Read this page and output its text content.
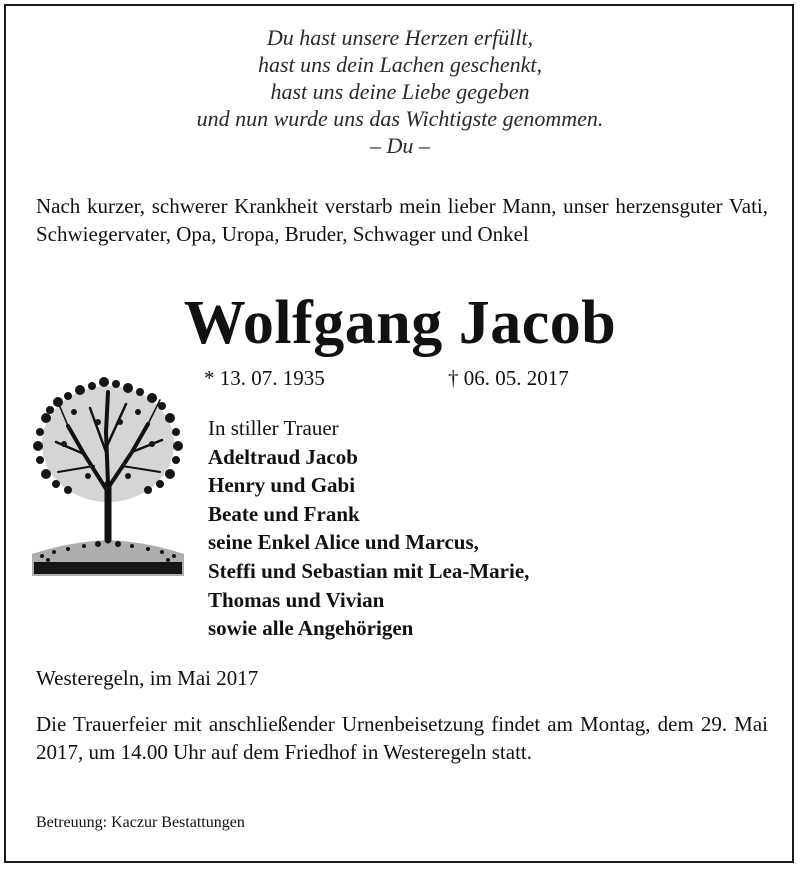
Du hast unsere Herzen erfüllt,
hast uns dein Lachen geschenkt,
hast uns deine Liebe gegeben
und nun wurde uns das Wichtigste genommen.
– Du –
Nach kurzer, schwerer Krankheit verstarb mein lieber Mann, unser herzensguter Vati, Schwiegervater, Opa, Uropa, Bruder, Schwager und Onkel
Wolfgang Jacob
* 13. 07. 1935	† 06. 05. 2017
In stiller Trauer
Adeltraud Jacob
Henry und Gabi
Beate und Frank
seine Enkel Alice und Marcus,
Steffi und Sebastian mit Lea-Marie,
Thomas und Vivian
sowie alle Angehörigen
Westeregeln, im Mai 2017
Die Trauerfeier mit anschließender Urnenbeisetzung findet am Montag, dem 29. Mai 2017, um 14.00 Uhr auf dem Friedhof in Westeregeln statt.
Betreuung: Kaczur Bestattungen
